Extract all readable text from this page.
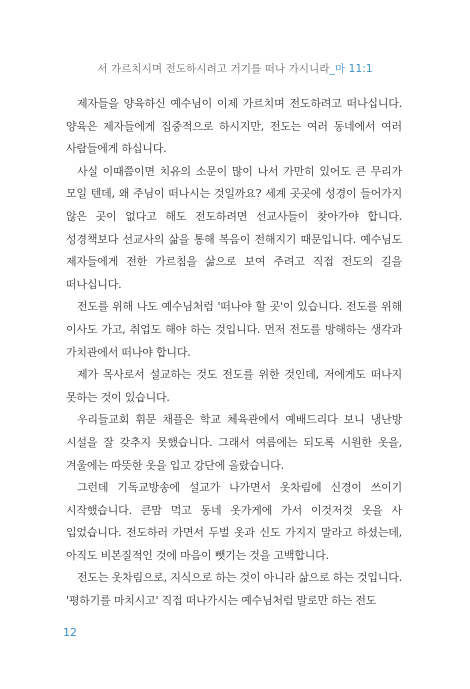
서 가르치시며 전도하시려고 거기를 떠나 가시니라_마 11:1

제자들을 양육하신 예수님이 이제 가르치며 전도하려고 떠나십니다. 양육은 제자들에게 집중적으로 하시지만, 전도는 여러 동네에서 여러 사람들에게 하십니다.

사실 이때쯤이면 치유의 소문이 많이 나서 가만히 있어도 큰 무리가 모일 텐데, 왜 주님이 떠나시는 것일까요? 세계 곳곳에 성경이 들어가지 않은 곳이 없다고 해도 전도하려면 선교사들이 찾아가야 합니다. 성경책보다 선교사의 삶을 통해 복음이 전해지기 때문입니다. 예수님도 제자들에게 전한 가르침을 삶으로 보여 주려고 직접 전도의 길을 떠나십니다.

전도를 위해 나도 예수님처럼 '떠나야 할 곳'이 있습니다. 전도를 위해 이사도 가고, 취업도 해야 하는 것입니다. 먼저 전도를 방해하는 생각과 가치관에서 떠나야 합니다.

제가 목사로서 설교하는 것도 전도를 위한 것인데, 저에게도 떠나지 못하는 것이 있습니다.

우리들교회 휘문 채플은 학교 체육관에서 예배드리다 보니 냉난방 시설을 잘 갖추지 못했습니다. 그래서 여름에는 되도록 시원한 옷을, 겨울에는 따뜻한 옷을 입고 강단에 올랐습니다.

그런데 기독교방송에 설교가 나가면서 옷차림에 신경이 쓰이기 시작했습니다. 큰맘 먹고 동네 옷가게에 가서 이것저것 옷을 사 입었습니다. 전도하러 가면서 두벌 옷과 신도 가지지 말라고 하셨는데, 아직도 비본질적인 것에 마음이 뺏기는 것을 고백합니다.

전도는 옷차림으로, 지식으로 하는 것이 아니라 삶으로 하는 것입니다. '평하기를 마치시고' 직접 떠나가시는 예수님처럼 말로만 하는 전도

12
